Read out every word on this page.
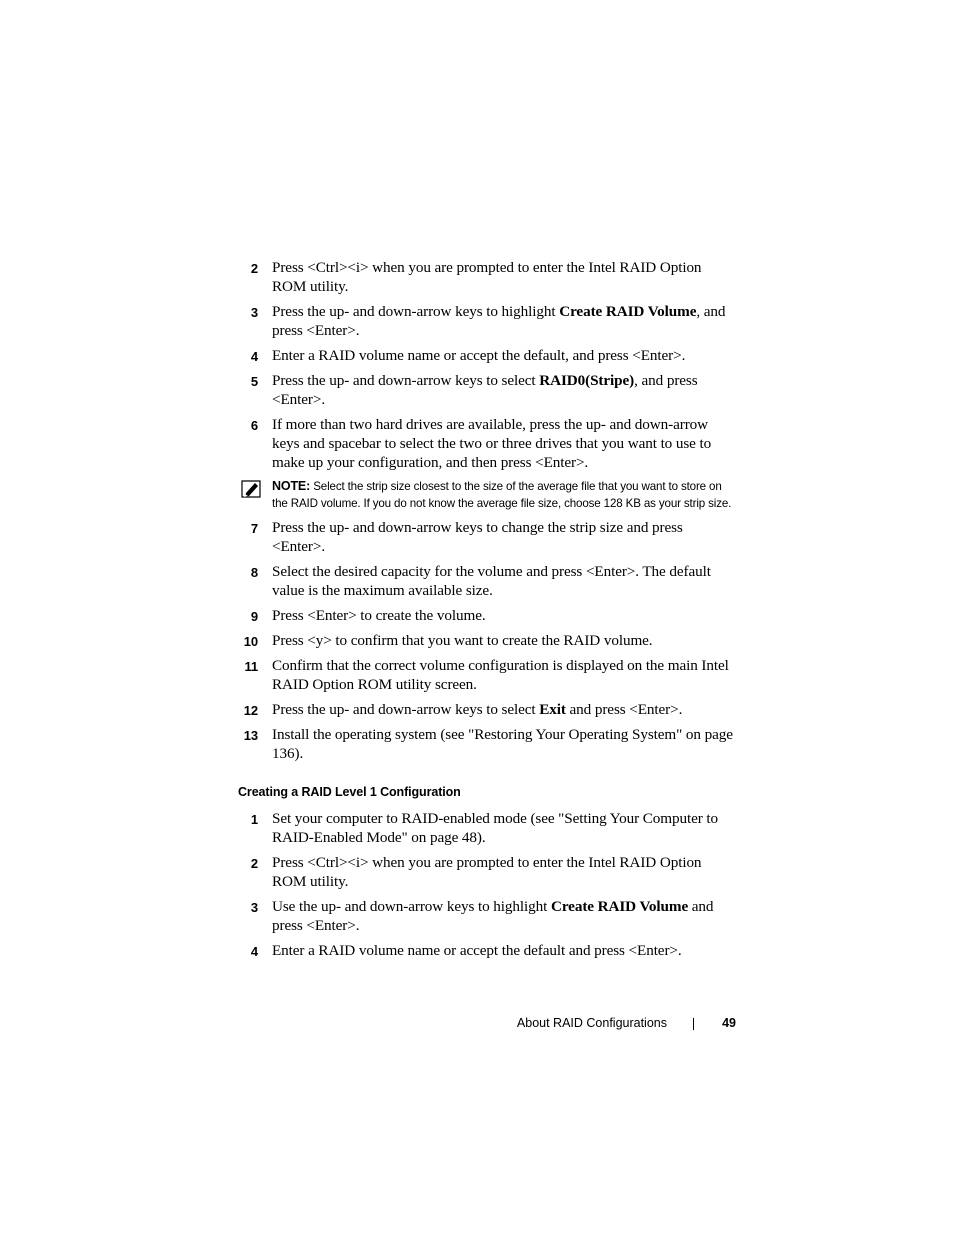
2 Press <Ctrl><i> when you are prompted to enter the Intel RAID Option ROM utility.
3 Press the up- and down-arrow keys to highlight Create RAID Volume, and press <Enter>.
4 Enter a RAID volume name or accept the default, and press <Enter>.
5 Press the up- and down-arrow keys to select RAID0(Stripe), and press <Enter>.
6 If more than two hard drives are available, press the up- and down-arrow keys and spacebar to select the two or three drives that you want to use to make up your configuration, and then press <Enter>.
NOTE: Select the strip size closest to the size of the average file that you want to store on the RAID volume. If you do not know the average file size, choose 128 KB as your strip size.
7 Press the up- and down-arrow keys to change the strip size and press <Enter>.
8 Select the desired capacity for the volume and press <Enter>. The default value is the maximum available size.
9 Press <Enter> to create the volume.
10 Press <y> to confirm that you want to create the RAID volume.
11 Confirm that the correct volume configuration is displayed on the main Intel RAID Option ROM utility screen.
12 Press the up- and down-arrow keys to select Exit and press <Enter>.
13 Install the operating system (see "Restoring Your Operating System" on page 136).
Creating a RAID Level 1 Configuration
1 Set your computer to RAID-enabled mode (see "Setting Your Computer to RAID-Enabled Mode" on page 48).
2 Press <Ctrl><i> when you are prompted to enter the Intel RAID Option ROM utility.
3 Use the up- and down-arrow keys to highlight Create RAID Volume and press <Enter>.
4 Enter a RAID volume name or accept the default and press <Enter>.
About RAID Configurations	49
